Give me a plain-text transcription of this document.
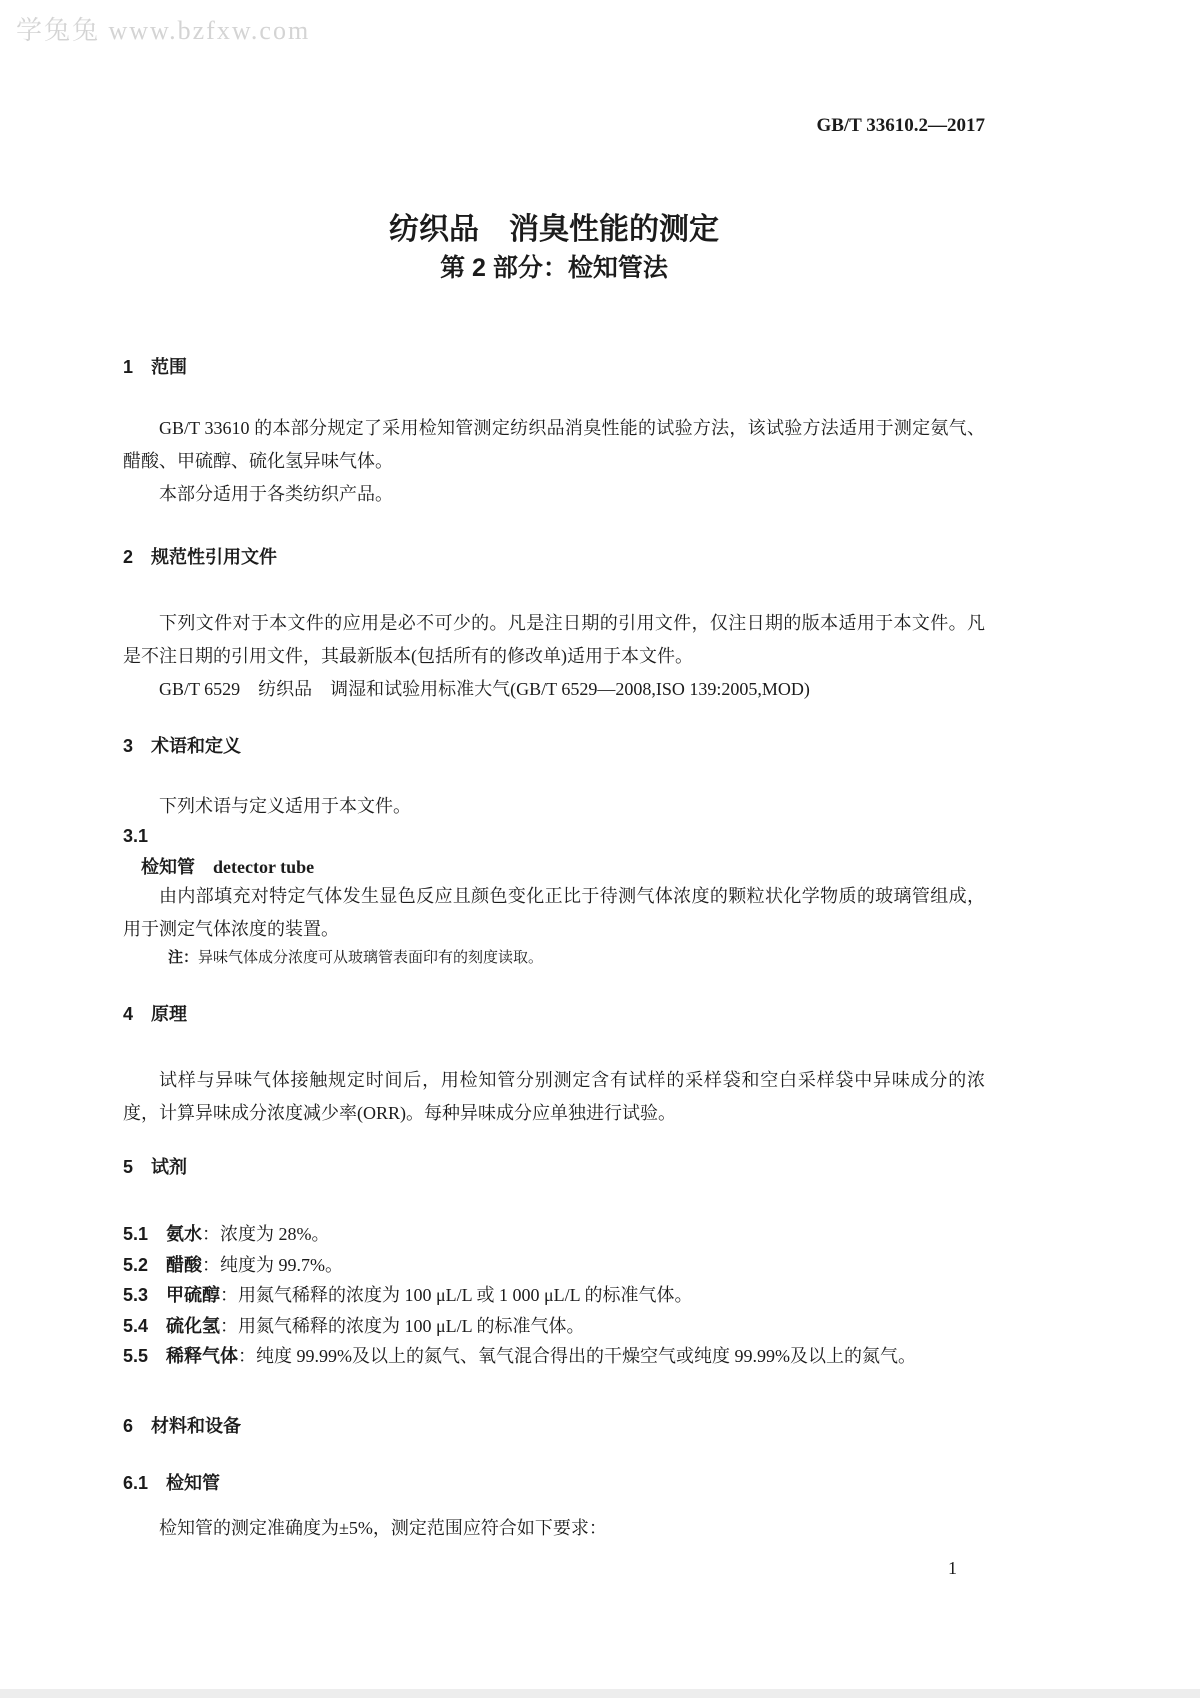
学兔兔 www.bzfxw.com
GB/T 33610.2—2017
纺织品　消臭性能的测定
第 2 部分：检知管法
1　范围

GB/T 33610 的本部分规定了采用检知管测定纺织品消臭性能的试验方法，该试验方法适用于测定氨气、醋酸、甲硫醇、硫化氢异味气体。

本部分适用于各类纺织产品。

2　规范性引用文件

下列文件对于本文件的应用是必不可少的。凡是注日期的引用文件，仅注日期的版本适用于本文件。凡是不注日期的引用文件，其最新版本(包括所有的修改单)适用于本文件。

GB/T 6529　纺织品　调湿和试验用标准大气(GB/T 6529—2008,ISO 139:2005,MOD)

3　术语和定义

下列术语与定义适用于本文件。

3.1
检知管 detector tube

由内部填充对特定气体发生显色反应且颜色变化正比于待测气体浓度的颗粒状化学物质的玻璃管组成，用于测定气体浓度的装置。

注：异味气体成分浓度可从玻璃管表面印有的刻度读取。
4　原理

试样与异味气体接触规定时间后，用检知管分别测定含有试样的采样袋和空白采样袋中异味成分的浓度，计算异味成分浓度减少率(ORR)。每种异味成分应单独进行试验。

5　试剂
5.1　氨水：浓度为 28%。
5.2　醋酸：纯度为 99.7%。
5.3　甲硫醇：用氮气稀释的浓度为 100 μL/L 或 1 000 μL/L 的标准气体。
5.4　硫化氢：用氮气稀释的浓度为 100 μL/L 的标准气体。
5.5　稀释气体：纯度 99.99%及以上的氮气、氧气混合得出的干燥空气或纯度 99.99%及以上的氮气。
6　材料和设备
6.1　检知管

检知管的测定准确度为±5%，测定范围应符合如下要求：

1
